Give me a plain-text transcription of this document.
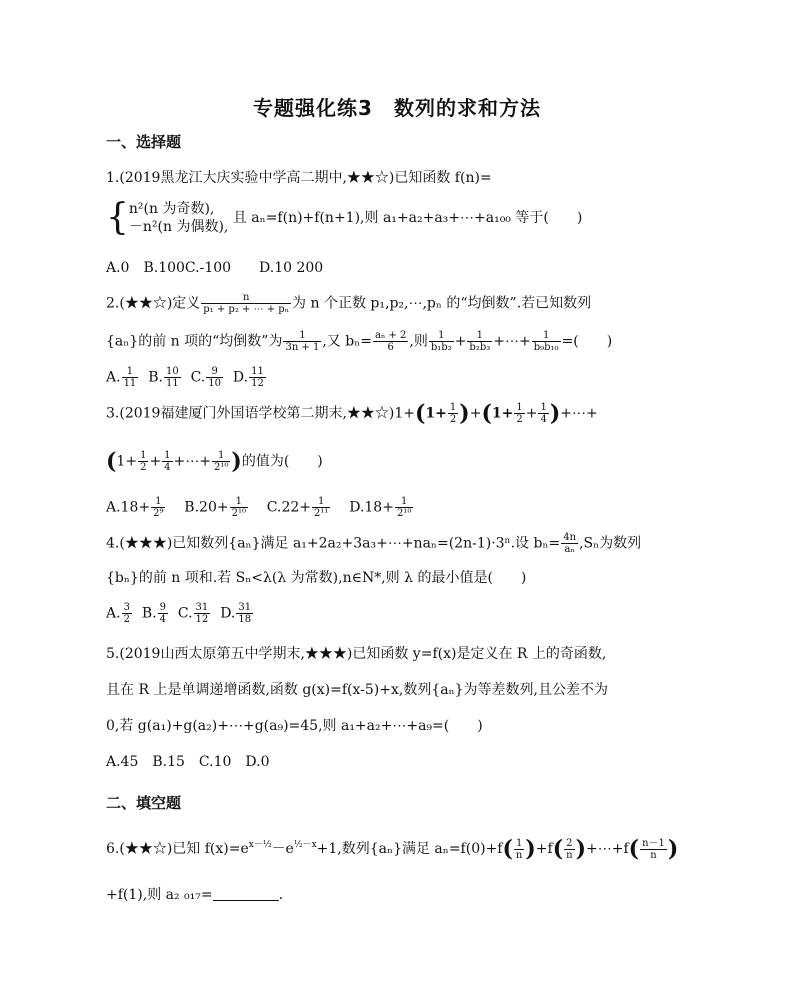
专题强化练3　数列的求和方法
一、选择题
1.(2019黑龙江大庆实验中学高二期中,★★☆)已知函数 f(n)=
{ n²(n 为奇数),
－n²(n 为偶数),
且 aₙ=f(n)+f(n+1),则 a₁+a₂+a₃+⋯+a₁₀₀ 等于(　　)
A.0　B.100C.-100　　D.10 200
2.(★★☆)定义 $\frac{n}{\text{p₁ + p₂ + ⋯ + pₙ}}$ 为 n 个正数 p₁,p₂,⋯,pₙ 的“均倒数”.若已知数列
{aₙ}的前 n 项的“均倒数”为 $\frac{1}{3n + 1}$ ,又 $b_n= \frac{\text{aₙ + 2}}{6}$ ,则 $\frac{1}{\text{b₁b₂}} + \frac{1}{\text{b₂b₃}}$ +⋯+ $\frac{1}{\text{b₉b₁₀}}$ =(　　)
A. $\frac{1}{11} B$. $\frac{10}{11} C$. $\frac{9}{10} D$. $\frac{11}{12}$
3.(2019福建厦门外国语学校第二期末,★★☆)1+(1+ $\frac{1}{2} )+(1+ \frac{1}{2} + \frac{1}{4}$ )+⋯+
($1+ \frac{1}{2} + \frac{1}{4}$ +⋯+ $\frac{1}{\text{2¹⁰}}$ )的值为(　　)
$A.18+ \frac{1}{\text{2⁹}} B.20+ \frac{1}{\text{2¹⁰}} C.22+ \frac{1}{\text{2¹¹}} D.18+ \frac{1}{\text{2¹⁰}}$
4.(★★★)已知数列{aₙ}满足 a₁+2a₂+3a₃+⋯+naₙ=(2n-1)·3ⁿ.设 $b_n= \frac{4n}{\text{aₙ}} ,S_n$为数列
{bₙ}的前 n 项和.若 Sₙ<λ(λ 为常数),n∈N*,则 λ 的最小值是(　　)
A. $\frac{3}{2} B$. $\frac{9}{4} C$. $\frac{31}{12} D$. $\frac{31}{18}$
5.(2019山西太原第五中学期末,★★★)已知函数 y=f(x)是定义在 R 上的奇函数,
且在 R 上是单调递增函数,函数 g(x)=f(x-5)+x,数列{aₙ}为等差数列,且公差不为
0,若 g(a₁)+g(a₂)+⋯+g(a₉)=45,则 a₁+a₂+⋯+a₉=(　　)
A.45　B.15　C.10　D.0
二、填空题
6.(★★☆)已知 $f(x)=e^{x-\frac{1}{2}}-e^{\frac{1}{2}-x}+1$,数列{aₙ}满足 $a_n=f(0)+f( \frac{1}{n} )+f( \frac{2}{n}$ )+⋯+f( $\frac{n-1}{n}$ )
+f(1),则 a₂ ₀₁₇=	.
